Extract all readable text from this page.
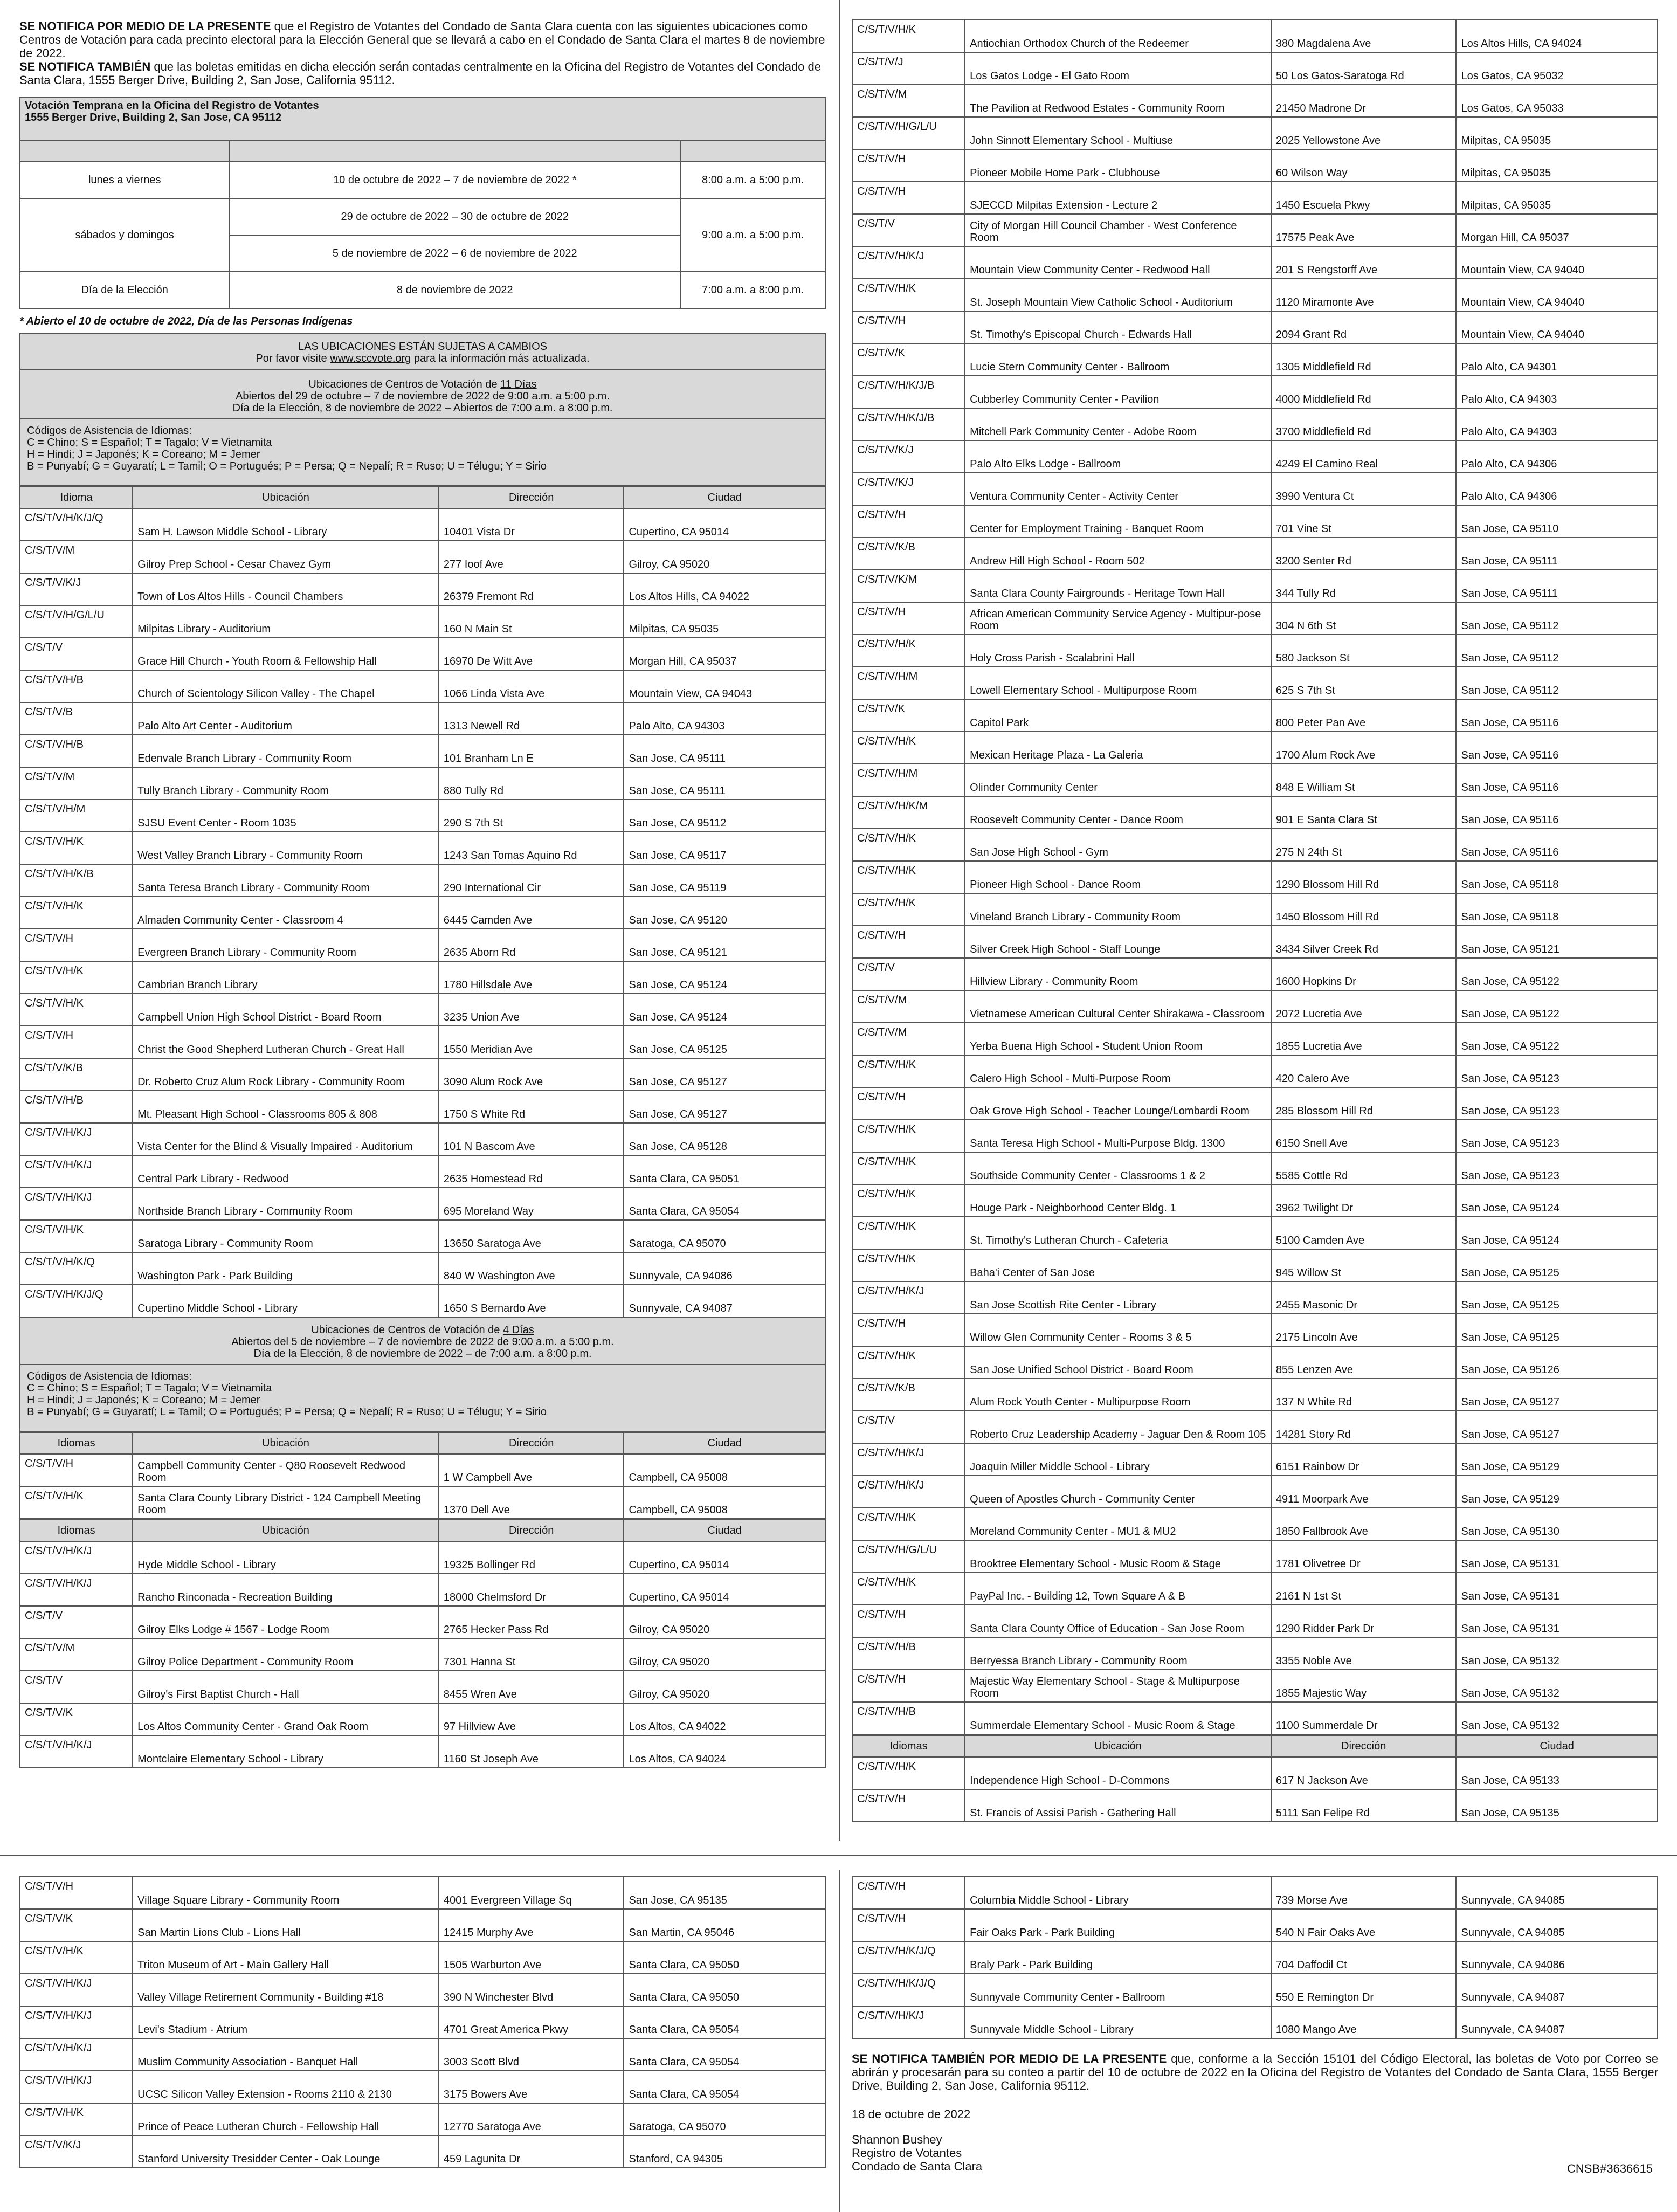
SE NOTIFICA POR MEDIO DE LA PRESENTE que el Registro de Votantes del Condado de Santa Clara cuenta con las siguientes ubicaciones como Centros de Votación para cada precinto electoral para la Elección General que se llevará a cabo en el Condado de Santa Clara el martes 8 de noviembre de 2022.
SE NOTIFICA TAMBIÉN que las boletas emitidas en dicha elección serán contadas centralmente en la Oficina del Registro de Votantes del Condado de Santa Clara, 1555 Berger Drive, Building 2, San Jose, California 95112.
Votación Temprana en la Oficina del Registro de Votantes
1555 Berger Drive, Building 2, San Jose, CA 95112		

lunes a viernes	10 de octubre de 2022 – 7 de noviembre de 2022 *	8:00 a.m. a 5:00 p.m.
sábados y domingos	29 de octubre de 2022 – 30 de octubre de 2022	9:00 a.m. a 5:00 p.m.
	5 de noviembre de 2022 – 6 de noviembre de 2022	
Día de la Elección	8 de noviembre de 2022	7:00 a.m. a 8:00 p.m.
* Abierto el 10 de octubre de 2022, Día de las Personas Indígenas
LAS UBICACIONES ESTÁN SUJETAS A CAMBIOS
Por favor visite www.sccvote.org para la información más actualizada.
Ubicaciones de Centros de Votación de 11 Días
Abiertos del 29 de octubre – 7 de noviembre de 2022 de 9:00 a.m. a 5:00 p.m.
Día de la Elección, 8 de noviembre de 2022 – Abiertos de 7:00 a.m. a 8:00 p.m.
Códigos de Asistencia de Idiomas:
C = Chino; S = Español; T = Tagalo; V = Vietnamita
H = Hindi; J = Japonés; K = Coreano; M = Jemer
B = Punyabí; G = Guyaratí; L = Tamil; O = Portugués; P = Persa; Q = Nepalí; R = Ruso; U = Télugu; Y = Sirio
Idioma	Ubicación	Dirección	Ciudad
C/S/T/V/H/K/J/Q	Sam H. Lawson Middle School - Library	10401 Vista Dr	Cupertino, CA 95014
C/S/T/V/M	Gilroy Prep School - Cesar Chavez Gym	277 Ioof Ave	Gilroy, CA 95020
C/S/T/V/K/J	Town of Los Altos Hills - Council Chambers	26379 Fremont Rd	Los Altos Hills, CA 94022
C/S/T/V/H/G/L/U	Milpitas Library - Auditorium	160 N Main St	Milpitas, CA 95035
C/S/T/V	Grace Hill Church - Youth Room & Fellowship Hall	16970 De Witt Ave	Morgan Hill, CA 95037
C/S/T/V/H/B	Church of Scientology Silicon Valley - The Chapel	1066 Linda Vista Ave	Mountain View, CA 94043
C/S/T/V/B	Palo Alto Art Center - Auditorium	1313 Newell Rd	Palo Alto, CA 94303
C/S/T/V/H/B	Edenvale Branch Library - Community Room	101 Branham Ln E	San Jose, CA 95111
C/S/T/V/M	Tully Branch Library - Community Room	880 Tully Rd	San Jose, CA 95111
C/S/T/V/H/M	SJSU Event Center - Room 1035	290 S 7th St	San Jose, CA 95112
C/S/T/V/H/K	West Valley Branch Library - Community Room	1243 San Tomas Aquino Rd	San Jose, CA 95117
C/S/T/V/H/K/B	Santa Teresa Branch Library - Community Room	290 International Cir	San Jose, CA 95119
C/S/T/V/H/K	Almaden Community Center - Classroom 4	6445 Camden Ave	San Jose, CA 95120
C/S/T/V/H	Evergreen Branch Library - Community Room	2635 Aborn Rd	San Jose, CA 95121
C/S/T/V/H/K	Cambrian Branch Library	1780 Hillsdale Ave	San Jose, CA 95124
C/S/T/V/H/K	Campbell Union High School District - Board Room	3235 Union Ave	San Jose, CA 95124
C/S/T/V/H	Christ the Good Shepherd Lutheran Church - Great Hall	1550 Meridian Ave	San Jose, CA 95125
C/S/T/V/K/B	Dr. Roberto Cruz Alum Rock Library - Community Room	3090 Alum Rock Ave	San Jose, CA 95127
C/S/T/V/H/B	Mt. Pleasant High School - Classrooms 805 & 808	1750 S White Rd	San Jose, CA 95127
C/S/T/V/H/K/J	Vista Center for the Blind & Visually Impaired - Auditorium	101 N Bascom Ave	San Jose, CA 95128
C/S/T/V/H/K/J	Central Park Library - Redwood	2635 Homestead Rd	Santa Clara, CA 95051
C/S/T/V/H/K/J	Northside Branch Library - Community Room	695 Moreland Way	Santa Clara, CA 95054
C/S/T/V/H/K	Saratoga Library - Community Room	13650 Saratoga Ave	Saratoga, CA 95070
C/S/T/V/H/K/Q	Washington Park - Park Building	840 W Washington Ave	Sunnyvale, CA 94086
C/S/T/V/H/K/J/Q	Cupertino Middle School - Library	1650 S Bernardo Ave	Sunnyvale, CA 94087
Ubicaciones de Centros de Votación de 4 Días
Abiertos del 5 de noviembre – 7 de noviembre de 2022 de 9:00 a.m. a 5:00 p.m.
Día de la Elección, 8 de noviembre de 2022 – de 7:00 a.m. a 8:00 p.m.
Códigos de Asistencia de Idiomas:
C = Chino; S = Español; T = Tagalo; V = Vietnamita
H = Hindi; J = Japonés; K = Coreano; M = Jemer
B = Punyabí; G = Guyaratí; L = Tamil; O = Portugués; P = Persa; Q = Nepalí; R = Ruso; U = Télugu; Y = Sirio
Idiomas	Ubicación	Dirección	Ciudad
C/S/T/V/H	Campbell Community Center - Q80 Roosevelt Redwood Room	1 W Campbell Ave	Campbell, CA 95008
C/S/T/V/H/K	Santa Clara County Library District - 124 Campbell Meeting Room	1370 Dell Ave	Campbell, CA 95008
Idiomas	Ubicación	Dirección	Ciudad
C/S/T/V/H/K/J	Hyde Middle School - Library	19325 Bollinger Rd	Cupertino, CA 95014
C/S/T/V/H/K/J	Rancho Rinconada - Recreation Building	18000 Chelmsford Dr	Cupertino, CA 95014
C/S/T/V	Gilroy Elks Lodge # 1567 - Lodge Room	2765 Hecker Pass Rd	Gilroy, CA 95020
C/S/T/V/M	Gilroy Police Department - Community Room	7301 Hanna St	Gilroy, CA 95020
C/S/T/V	Gilroy's First Baptist Church - Hall	8455 Wren Ave	Gilroy, CA 95020
C/S/T/V/K	Los Altos Community Center - Grand Oak Room	97 Hillview Ave	Los Altos, CA 94022
C/S/T/V/H/K/J	Montclaire Elementary School - Library	1160 St Joseph Ave	Los Altos, CA 94024
C/S/T/V/H/K	Antiochian Orthodox Church of the Redeemer	380 Magdalena Ave	Los Altos Hills, CA 94024
C/S/T/V/J	Los Gatos Lodge - El Gato Room	50 Los Gatos-Saratoga Rd	Los Gatos, CA 95032
C/S/T/V/M	The Pavilion at Redwood Estates - Community Room	21450 Madrone Dr	Los Gatos, CA 95033
C/S/T/V/H/G/L/U	John Sinnott Elementary School - Multiuse	2025 Yellowstone Ave	Milpitas, CA 95035
C/S/T/V/H	Pioneer Mobile Home Park - Clubhouse	60 Wilson Way	Milpitas, CA 95035
C/S/T/V/H	SJECCD Milpitas Extension - Lecture 2	1450 Escuela Pkwy	Milpitas, CA 95035
C/S/T/V	City of Morgan Hill Council Chamber - West Conference Room	17575 Peak Ave	Morgan Hill, CA 95037
C/S/T/V/H/K/J	Mountain View Community Center - Redwood Hall	201 S Rengstorff Ave	Mountain View, CA 94040
C/S/T/V/H/K	St. Joseph Mountain View Catholic School - Auditorium	1120 Miramonte Ave	Mountain View, CA 94040
C/S/T/V/H	St. Timothy's Episcopal Church - Edwards Hall	2094 Grant Rd	Mountain View, CA 94040
C/S/T/V/K	Lucie Stern Community Center - Ballroom	1305 Middlefield Rd	Palo Alto, CA 94301
C/S/T/V/H/K/J/B	Cubberley Community Center - Pavilion	4000 Middlefield Rd	Palo Alto, CA 94303
C/S/T/V/H/K/J/B	Mitchell Park Community Center - Adobe Room	3700 Middlefield Rd	Palo Alto, CA 94303
C/S/T/V/K/J	Palo Alto Elks Lodge - Ballroom	4249 El Camino Real	Palo Alto, CA 94306
C/S/T/V/K/J	Ventura Community Center - Activity Center	3990 Ventura Ct	Palo Alto, CA 94306
C/S/T/V/H	Center for Employment Training - Banquet Room	701 Vine St	San Jose, CA 95110
C/S/T/V/K/B	Andrew Hill High School - Room 502	3200 Senter Rd	San Jose, CA 95111
C/S/T/V/K/M	Santa Clara County Fairgrounds - Heritage Town Hall	344 Tully Rd	San Jose, CA 95111
C/S/T/V/H	African American Community Service Agency - Multipur-pose Room	304 N 6th St	San Jose, CA 95112
C/S/T/V/H/K	Holy Cross Parish - Scalabrini Hall	580 Jackson St	San Jose, CA 95112
C/S/T/V/H/M	Lowell Elementary School - Multipurpose Room	625 S 7th St	San Jose, CA 95112
C/S/T/V/K	Capitol Park	800 Peter Pan Ave	San Jose, CA 95116
C/S/T/V/H/K	Mexican Heritage Plaza - La Galeria	1700 Alum Rock Ave	San Jose, CA 95116
C/S/T/V/H/M	Olinder Community Center	848 E William St	San Jose, CA 95116
C/S/T/V/H/K/M	Roosevelt Community Center - Dance Room	901 E Santa Clara St	San Jose, CA 95116
C/S/T/V/H/K	San Jose High School - Gym	275 N 24th St	San Jose, CA 95116
C/S/T/V/H/K	Pioneer High School - Dance Room	1290 Blossom Hill Rd	San Jose, CA 95118
C/S/T/V/H/K	Vineland Branch Library - Community Room	1450 Blossom Hill Rd	San Jose, CA 95118
C/S/T/V/H	Silver Creek High School - Staff Lounge	3434 Silver Creek Rd	San Jose, CA 95121
C/S/T/V	Hillview Library - Community Room	1600 Hopkins Dr	San Jose, CA 95122
C/S/T/V/M	Vietnamese American Cultural Center Shirakawa - Classroom	2072 Lucretia Ave	San Jose, CA 95122
C/S/T/V/M	Yerba Buena High School - Student Union Room	1855 Lucretia Ave	San Jose, CA 95122
C/S/T/V/H/K	Calero High School - Multi-Purpose Room	420 Calero Ave	San Jose, CA 95123
C/S/T/V/H	Oak Grove High School - Teacher Lounge/Lombardi Room	285 Blossom Hill Rd	San Jose, CA 95123
C/S/T/V/H/K	Santa Teresa High School - Multi-Purpose Bldg. 1300	6150 Snell Ave	San Jose, CA 95123
C/S/T/V/H/K	Southside Community Center - Classrooms 1 & 2	5585 Cottle Rd	San Jose, CA 95123
C/S/T/V/H/K	Houge Park - Neighborhood Center Bldg. 1	3962 Twilight Dr	San Jose, CA 95124
C/S/T/V/H/K	St. Timothy's Lutheran Church - Cafeteria	5100 Camden Ave	San Jose, CA 95124
C/S/T/V/H/K	Baha'i Center of San Jose	945 Willow St	San Jose, CA 95125
C/S/T/V/H/K/J	San Jose Scottish Rite Center - Library	2455 Masonic Dr	San Jose, CA 95125
C/S/T/V/H	Willow Glen Community Center - Rooms 3 & 5	2175 Lincoln Ave	San Jose, CA 95125
C/S/T/V/H/K	San Jose Unified School District - Board Room	855 Lenzen Ave	San Jose, CA 95126
C/S/T/V/K/B	Alum Rock Youth Center - Multipurpose Room	137 N White Rd	San Jose, CA 95127
C/S/T/V	Roberto Cruz Leadership Academy - Jaguar Den & Room 105	14281 Story Rd	San Jose, CA 95127
C/S/T/V/H/K/J	Joaquin Miller Middle School - Library	6151 Rainbow Dr	San Jose, CA 95129
C/S/T/V/H/K/J	Queen of Apostles Church - Community Center	4911 Moorpark Ave	San Jose, CA 95129
C/S/T/V/H/K	Moreland Community Center - MU1 & MU2	1850 Fallbrook Ave	San Jose, CA 95130
C/S/T/V/H/G/L/U	Brooktree Elementary School - Music Room & Stage	1781 Olivetree Dr	San Jose, CA 95131
C/S/T/V/H/K	PayPal Inc. - Building 12, Town Square A & B	2161 N 1st St	San Jose, CA 95131
C/S/T/V/H	Santa Clara County Office of Education - San Jose Room	1290 Ridder Park Dr	San Jose, CA 95131
C/S/T/V/H/B	Berryessa Branch Library - Community Room	3355 Noble Ave	San Jose, CA 95132
C/S/T/V/H	Majestic Way Elementary School - Stage & Multipurpose Room	1855 Majestic Way	San Jose, CA 95132
C/S/T/V/H/B	Summerdale Elementary School - Music Room & Stage	1100 Summerdale Dr	San Jose, CA 95132
Idiomas	Ubicación	Dirección	Ciudad
C/S/T/V/H/K	Independence High School - D-Commons	617 N Jackson Ave	San Jose, CA 95133
C/S/T/V/H	St. Francis of Assisi Parish - Gathering Hall	5111 San Felipe Rd	San Jose, CA 95135
C/S/T/V/H	Village Square Library - Community Room	4001 Evergreen Village Sq	San Jose, CA 95135
C/S/T/V/K	San Martin Lions Club - Lions Hall	12415 Murphy Ave	San Martin, CA 95046
C/S/T/V/H/K	Triton Museum of Art - Main Gallery Hall	1505 Warburton Ave	Santa Clara, CA 95050
C/S/T/V/H/K/J	Valley Village Retirement Community - Building #18	390 N Winchester Blvd	Santa Clara, CA 95050
C/S/T/V/H/K/J	Levi's Stadium - Atrium	4701 Great America Pkwy	Santa Clara, CA 95054
C/S/T/V/H/K/J	Muslim Community Association - Banquet Hall	3003 Scott Blvd	Santa Clara, CA 95054
C/S/T/V/H/K/J	UCSC Silicon Valley Extension - Rooms 2110 & 2130	3175 Bowers Ave	Santa Clara, CA 95054
C/S/T/V/H/K	Prince of Peace Lutheran Church - Fellowship Hall	12770 Saratoga Ave	Saratoga, CA 95070
C/S/T/V/K/J	Stanford University Tresidder Center - Oak Lounge	459 Lagunita Dr	Stanford, CA 94305
C/S/T/V/H	Columbia Middle School - Library	739 Morse Ave	Sunnyvale, CA 94085
C/S/T/V/H	Fair Oaks Park - Park Building	540 N Fair Oaks Ave	Sunnyvale, CA 94085
C/S/T/V/H/K/J/Q	Braly Park - Park Building	704 Daffodil Ct	Sunnyvale, CA 94086
C/S/T/V/H/K/J/Q	Sunnyvale Community Center - Ballroom	550 E Remington Dr	Sunnyvale, CA 94087
C/S/T/V/H/K/J	Sunnyvale Middle School - Library	1080 Mango Ave	Sunnyvale, CA 94087
SE NOTIFICA TAMBIÉN POR MEDIO DE LA PRESENTE que, conforme a la Sección 15101 del Código Electoral, las boletas de Voto por Correo se abrirán y procesarán para su conteo a partir del 10 de octubre de 2022 en la Oficina del Registro de Votantes del Condado de Santa Clara, 1555 Berger Drive, Building 2, San Jose, California 95112.
18 de octubre de 2022
Shannon Bushey
Registro de Votantes
Condado de Santa Clara	CNSB#3636615
